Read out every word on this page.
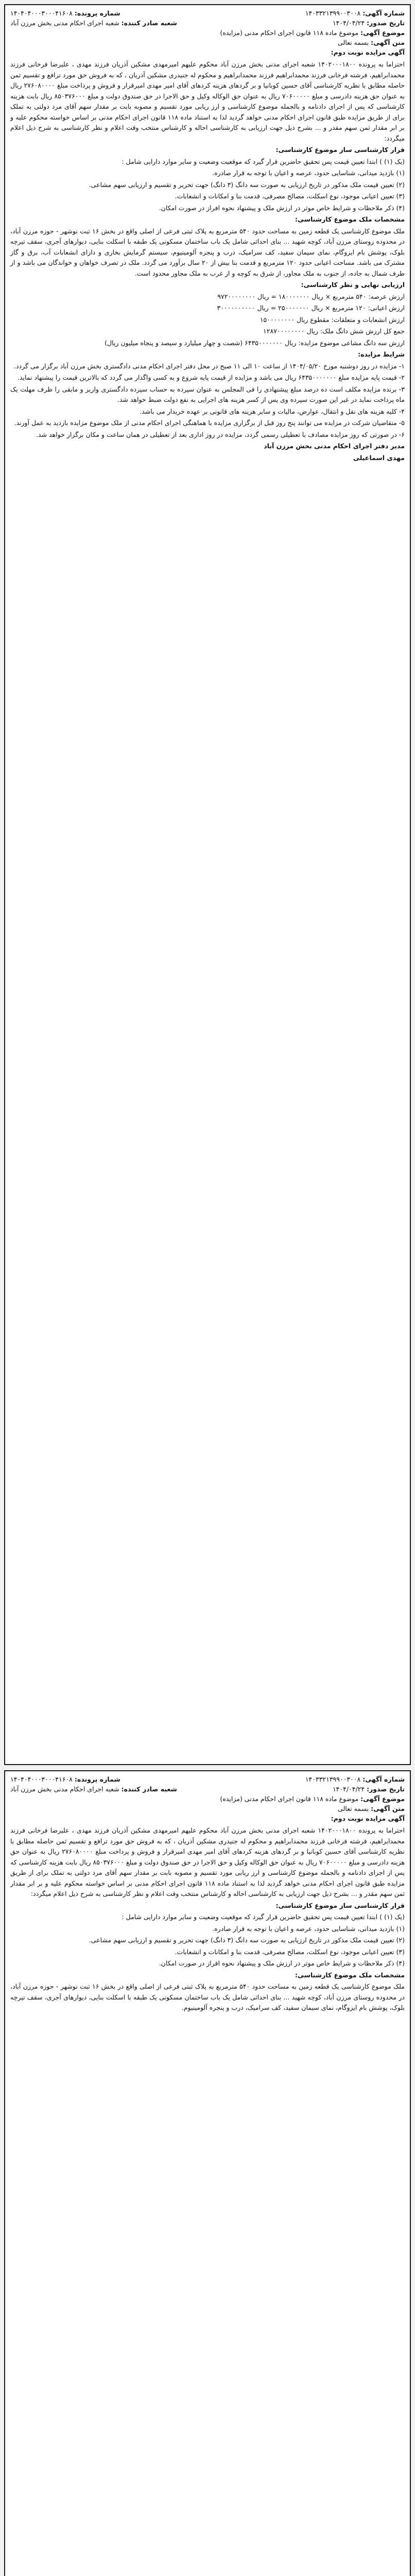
شماره آگهی: ۱۴۰۳۳۲۱۳۹۹۰۰۳۰۰۸
شماره پرونده: ۱۴۰۴۰۴۰۰۰۳۰۰۰۴۱۶۰۸
تاریخ صدور: ۱۴۰۴/۰۴/۲۴
شعبه صادر کننده: شعبه اجرای احکام مدنی بخش مرزن آباد
موضوع آگهی: موضوع ماده ۱۱۸ قانون اجرای احکام مدنی (مزایده)
متن آگهی: بسمه تعالی
آگهی مزایده نوبت دوم:

احتراما به پرونده ۱۴۰۲۰۰۰۱۸۰۰ شعبه اجرای مدنی بخش مرزن آباد محکوم علیهم امیرمهدی مشکین آذریان فرزند مهدی ، علیرضا فرخانی فرزند محمدابراهیم، فرشته فرخانی فرزند محمدابراهیم فرزند محمدابراهیم و محکوم له جنیدری مشکین آذریان ، که به فروش حق مورد ترافع و تقسیم ثمن حاصله مطابق با نظریه کارشناسی آقای حسین کوبانیا و بر گردهای هزینه کردهای آقای امیر مهدی امیرقرار و فروش و پرداخت مبلغ ۲۷۶۰۸۰۰۰۰ ریال به عنوان حق هزینه دادرسی و مبلغ ۷۰۶۰۰۰۰۰ ریال به عنوان حق الوکاله وکیل و حق الاجرا در حق صندوق دولت و مبلغ ۸۵۰۳۷۶۰۰۰ ریال بابت هزینه کارشناسی که پس از اجرای دادنامه و بالجمله موضوع کارشناسی و ارز ریابی مورد تقسیم و مصوبه بابت بر مقدار سهم آقای مرد دولتی به تملک برای از طریق مزایده طبق قانون اجرای احکام مدنی خواهد گردید لذا به استناد ماده ۱۱۸ قانون اجرای احکام مدنی بر اساس خواسته محکوم علیه و بر ابر مقدار ثمن سهم مقدر و ... بشرح ذیل جهت ارزیابی به کارشناسی احاله و کارشناس منتخب وقت اعلام و نظر کارشناسی به شرح ذیل اعلام میگردد:

قرار کارشناسی ساز موضوع کارشناسی:

(یک (۱) ) ابتدا تعیین قیمت پس تحقیق حاضرین قرار گیرد که موقعیت وضعیت و سایر موارد دارایی شامل :

(۱) بازدید میدانی، شناسایی حدود، عرصه و اعیان با توجه به قرار صادره.

(۲) تعیین قیمت ملک مذکور در تاریخ ارزیابی به صورت سه دانگ (۳ دانگ) جهت تحریر و تقسیم و ارزیابی سهم مشاعی.

(۳) تعیین اعیانی موجود، نوع اسکلت، مصالح مصرفی، قدمت بنا و امکانات و انشعابات.

(۴) ذکر ملاحظات و شرایط خاص موثر در ارزش ملک و پیشنهاد نحوه افراز در صورت امکان.

مشخصات ملک موضوع کارشناسی:

ملک موضوع کارشناسی یک قطعه زمین به مساحت حدود ۵۴۰ مترمربع به پلاک ثبتی فرعی از اصلی واقع در بخش ۱۶ ثبت نوشهر - حوزه مرزن آباد، در محدوده روستای مرزن آباد، کوچه شهید ... بنای احداثی شامل یک باب ساختمان مسکونی یک طبقه با اسکلت بنایی، دیوارهای آجری، سقف تیرچه بلوک، پوشش بام ایزوگام، نمای سیمان سفید، کف سرامیک، درب و پنجره آلومینیوم، سیستم گرمایش بخاری و دارای انشعابات آب، برق و گاز مشترک می باشد. مساحت اعیانی حدود ۱۲۰ مترمربع و قدمت بنا بیش از ۲۰ سال برآورد می گردد. ملک در تصرف خواهان و خواندگان می باشد و از طرف شمال به جاده، از جنوب به ملک مجاور، از شرق به کوچه و از غرب به ملک مجاور محدود است.

ارزیابی نهایی و نظر کارشناسی:

ارزش عرصه: ۵۴۰ مترمربع × ریال ۱۸۰۰۰۰۰۰۰ = ریال ۹۷۲۰۰۰۰۰۰۰۰

ارزش اعیانی: ۱۲۰ مترمربع × ریال ۲۵۰۰۰۰۰۰۰ = ریال ۳۰۰۰۰۰۰۰۰۰۰

ارزش انشعابات و متعلقات: مقطوع ریال ۱۵۰۰۰۰۰۰۰۰

جمع کل ارزش شش دانگ ملک: ریال ۱۲۸۷۰۰۰۰۰۰۰۰

ارزش سه دانگ مشاعی موضوع مزایده: ریال ۶۴۳۵۰۰۰۰۰۰۰ (شصت و چهار میلیارد و سیصد و پنجاه میلیون ریال)

شرایط مزایده:

۱- مزایده در روز دوشنبه مورخ ۱۴۰۴/۰۵/۲۰ از ساعت ۱۰ الی ۱۱ صبح در محل دفتر اجرای احکام مدنی دادگستری بخش مرزن آباد برگزار می گردد.

۲- قیمت پایه مزایده مبلغ ۶۴۳۵۰۰۰۰۰۰۰ ریال می باشد و مزایده از قیمت پایه شروع و به کسی واگذار می گردد که بالاترین قیمت را پیشنهاد نماید.

۳- برنده مزایده مکلف است ده درصد مبلغ پیشنهادی را فی المجلس به عنوان سپرده به حساب سپرده دادگستری واریز و مابقی را ظرف مهلت یک ماه پرداخت نماید در غیر این صورت سپرده وی پس از کسر هزینه های اجرایی به نفع دولت ضبط خواهد شد.

۴- کلیه هزینه های نقل و انتقال، عوارض، مالیات و سایر هزینه های قانونی بر عهده خریدار می باشد.

۵- متقاضیان شرکت در مزایده می توانند پنج روز قبل از برگزاری مزایده با هماهنگی اجرای احکام مدنی از ملک موضوع مزایده بازدید به عمل آورند.

۶- در صورتی که روز مزایده مصادف با تعطیلی رسمی گردد، مزایده در روز اداری بعد از تعطیلی در همان ساعت و مکان برگزار خواهد شد.

مدیر دفتر اجرای احکام مدنی بخش مرزن آباد

مهدی اسماعیلی

شماره آگهی: ۱۴۰۳۳۲۱۳۹۹۰۰۳۰۰۸
شماره پرونده: ۱۴۰۴۰۴۰۰۰۳۰۰۰۴۱۶۰۸
تاریخ صدور: ۱۴۰۴/۰۴/۲۴
شعبه صادر کننده: شعبه اجرای احکام مدنی بخش مرزن آباد
موضوع آگهی: موضوع ماده ۱۱۸ قانون اجرای احکام مدنی (مزایده)
متن آگهی: بسمه تعالی
آگهی مزایده نوبت دوم:

احتراما به پرونده ۱۴۰۲۰۰۰۱۸۰۰ شعبه اجرای مدنی بخش مرزن آباد محکوم علیهم امیرمهدی مشکین آذریان فرزند مهدی ، علیرضا فرخانی فرزند محمدابراهیم، فرشته فرخانی فرزند محمدابراهیم و محکوم له جنیدری مشکین آذریان ، که به فروش حق مورد ترافع و تقسیم ثمن حاصله مطابق با نظریه کارشناسی آقای حسین کوبانیا و بر گردهای هزینه کردهای آقای امیر مهدی امیرقرار و فروش و پرداخت مبلغ ۲۷۶۰۸۰۰۰۰ ریال به عنوان حق هزینه دادرسی و مبلغ ۷۰۶۰۰۰۰۰ ریال به عنوان حق الوکاله وکیل و حق الاجرا در حق صندوق دولت و مبلغ ۸۵۰۳۷۶۰۰۰ ریال بابت هزینه کارشناسی که پس از اجرای دادنامه و بالجمله موضوع کارشناسی و ارز ریابی مورد تقسیم و مصوبه بابت بر مقدار سهم آقای مرد دولتی به تملک برای از طریق مزایده طبق قانون اجرای احکام مدنی خواهد گردید لذا به استناد ماده ۱۱۸ قانون اجرای احکام مدنی بر اساس خواسته محکوم علیه و بر ابر مقدار ثمن سهم مقدر و ... بشرح ذیل جهت ارزیابی به کارشناسی احاله و کارشناس منتخب وقت اعلام و نظر کارشناسی به شرح ذیل اعلام میگردد:

قرار کارشناسی ساز موضوع کارشناسی:

(یک (۱) ) ابتدا تعیین قیمت پس تحقیق حاضرین قرار گیرد که موقعیت وضعیت و سایر موارد دارایی شامل :

(۱) بازدید میدانی، شناسایی حدود، عرصه و اعیان با توجه به قرار صادره.

(۲) تعیین قیمت ملک مذکور در تاریخ ارزیابی به صورت سه دانگ (۳ دانگ) جهت تحریر و تقسیم و ارزیابی سهم مشاعی.

(۳) تعیین اعیانی موجود، نوع اسکلت، مصالح مصرفی، قدمت بنا و امکانات و انشعابات.

(۴) ذکر ملاحظات و شرایط خاص موثر در ارزش ملک و پیشنهاد نحوه افراز در صورت امکان.

مشخصات ملک موضوع کارشناسی:

ملک موضوع کارشناسی یک قطعه زمین به مساحت حدود ۵۴۰ مترمربع به پلاک ثبتی فرعی از اصلی واقع در بخش ۱۶ ثبت نوشهر - حوزه مرزن آباد، در محدوده روستای مرزن آباد، کوچه شهید ... بنای احداثی شامل یک باب ساختمان مسکونی یک طبقه با اسکلت بنایی، دیوارهای آجری، سقف تیرچه بلوک، پوشش بام ایزوگام، نمای سیمان سفید، کف سرامیک، درب و پنجره آلومینیوم.
